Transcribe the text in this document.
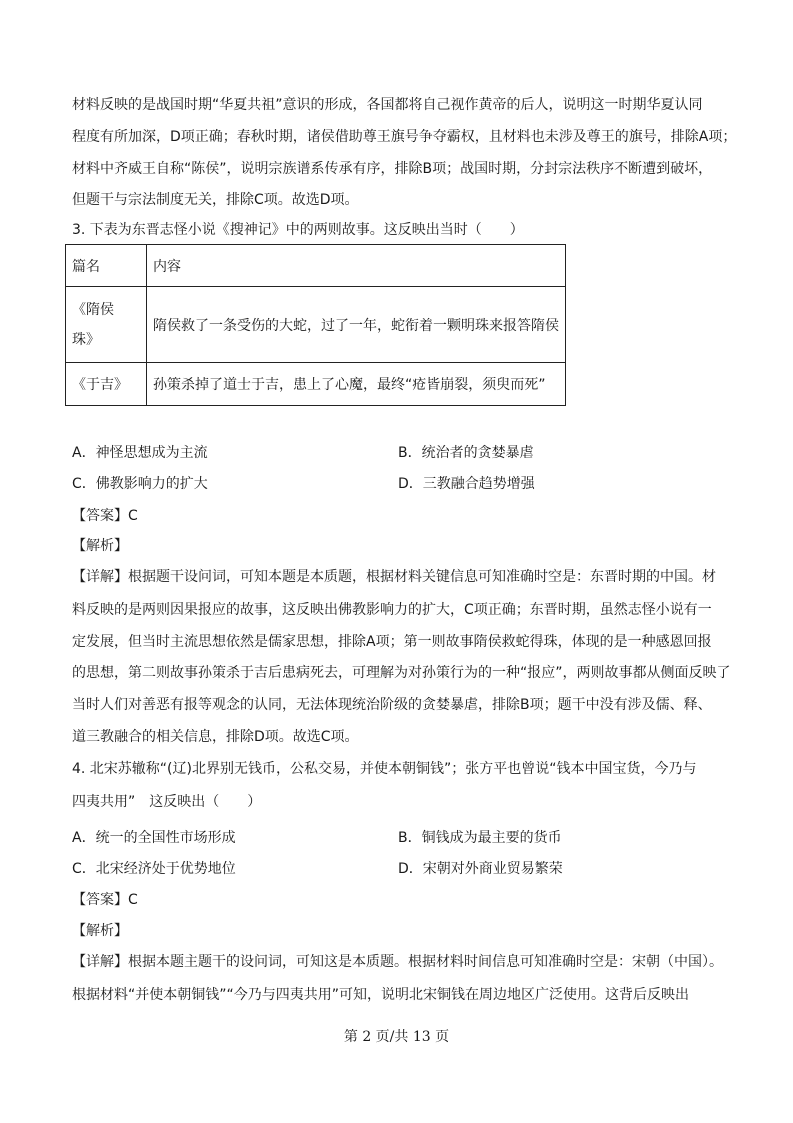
材料反映的是战国时期“华夏共祖”意识的形成，各国都将自己视作黄帝的后人，说明这一时期华夏认同
程度有所加深，D项正确；春秋时期，诸侯借助尊王旗号争夺霸权，且材料也未涉及尊王的旗号，排除A项；
材料中齐威王自称“陈侯”，说明宗族谱系传承有序，排除B项；战国时期，分封宗法秩序不断遭到破坏，
但题干与宗法制度无关，排除C项。故选D项。
3. 下表为东晋志怪小说《搜神记》中的两则故事。这反映出当时（　　）
篇名	内容

《隋侯
珠》	隋侯救了一条受伤的大蛇，过了一年，蛇衔着一颗明珠来报答隋侯
《于吉》	孙策杀掉了道士于吉，患上了心魔，最终“疮皆崩裂，须臾而死”
A．神怪思想成为主流	B．统治者的贪婪暴虐
C．佛教影响力的扩大	D．三教融合趋势增强
【答案】C
【解析】
【详解】根据题干设问词，可知本题是本质题，根据材料关键信息可知准确时空是：东晋时期的中国。材
料反映的是两则因果报应的故事，这反映出佛教影响力的扩大，C项正确；东晋时期，虽然志怪小说有一
定发展，但当时主流思想依然是儒家思想，排除A项；第一则故事隋侯救蛇得珠，体现的是一种感恩回报
的思想，第二则故事孙策杀于吉后患病死去，可理解为对孙策行为的一种“报应”，两则故事都从侧面反映了
当时人们对善恶有报等观念的认同，无法体现统治阶级的贪婪暴虐，排除B项；题干中没有涉及儒、释、
道三教融合的相关信息，排除D项。故选C项。
4. 北宋苏辙称“(辽)北界别无钱币，公私交易，并使本朝铜钱”；张方平也曾说“钱本中国宝货，今乃与
四夷共用”　这反映出（　　）
A．统一的全国性市场形成	B．铜钱成为最主要的货币
C．北宋经济处于优势地位	D．宋朝对外商业贸易繁荣
【答案】C
【解析】
【详解】根据本题主题干的设问词，可知这是本质题。根据材料时间信息可知准确时空是：宋朝（中国）。
根据材料“并使本朝铜钱”“今乃与四夷共用”可知，说明北宋铜钱在周边地区广泛使用。这背后反映出
第 2 页/共 13 页
